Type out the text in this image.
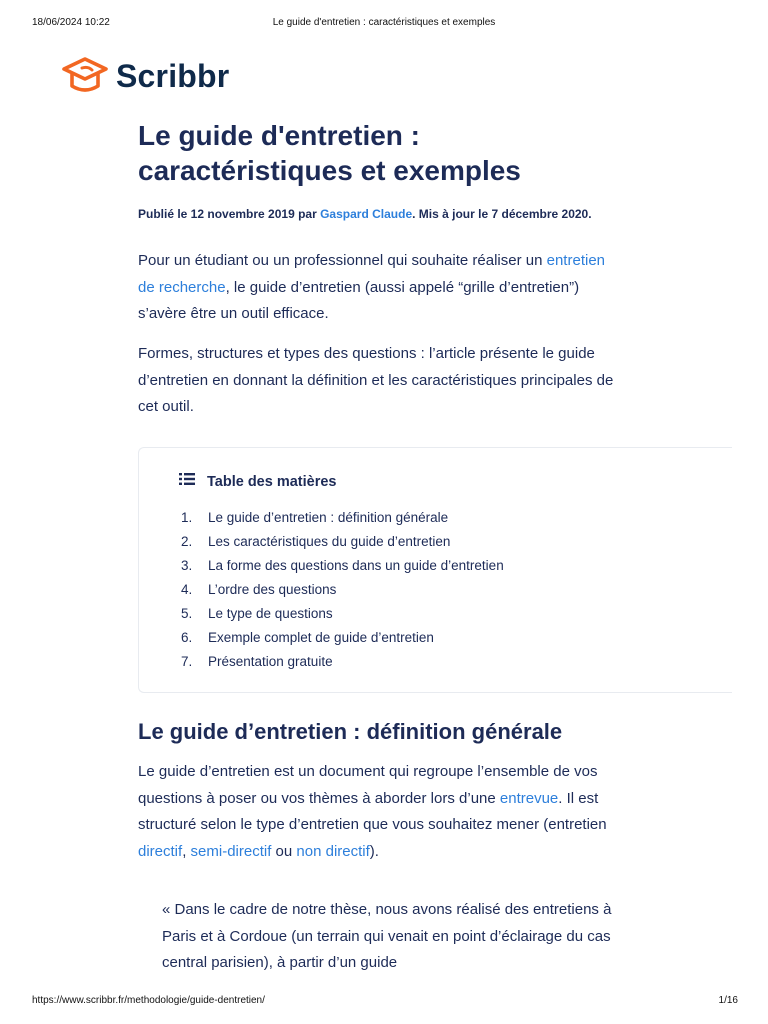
18/06/2024 10:22	Le guide d'entretien : caractéristiques et exemples
Scribbr
Le guide d'entretien :
caractéristiques et exemples
Publié le 12 novembre 2019 par Gaspard Claude. Mis à jour le 7 décembre 2020.

Pour un étudiant ou un professionnel qui souhaite réaliser un entretien de recherche, le guide d’entretien (aussi appelé “grille d’entretien”) s’avère être un outil efficace.

Formes, structures et types des questions : l’article présente le guide d’entretien en donnant la définition et les caractéristiques principales de cet outil.

Table des matières
1.	Le guide d’entretien : définition générale
2.	Les caractéristiques du guide d’entretien
3.	La forme des questions dans un guide d’entretien
4.	L’ordre des questions
5.	Le type de questions
6.	Exemple complet de guide d’entretien
7.	Présentation gratuite
Le guide d’entretien : définition générale

Le guide d’entretien est un document qui regroupe l’ensemble de vos questions à poser ou vos thèmes à aborder lors d’une entrevue. Il est structuré selon le type d’entretien que vous souhaitez mener (entretien directif, semi-directif ou non directif).

« Dans le cadre de notre thèse, nous avons réalisé des entretiens à Paris et à Cordoue (un terrain qui venait en point d’éclairage du cas central parisien), à partir d’un guide
https://www.scribbr.fr/methodologie/guide-dentretien/	1/16
